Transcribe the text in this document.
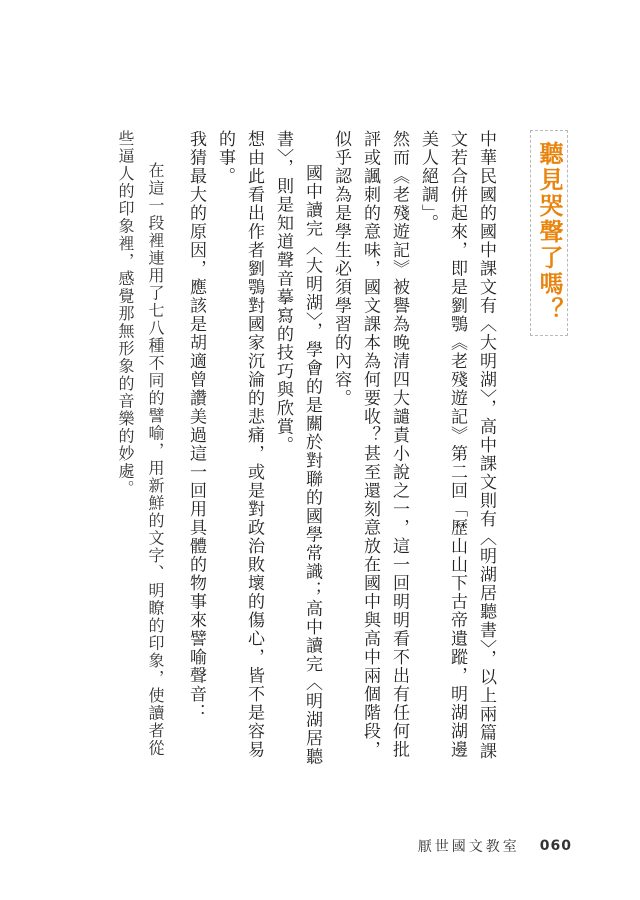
聽見哭聲了嗎？
中華民國的國中課文有〈大明湖〉，高中課文則有〈明湖居聽書〉，以上兩篇課文若合併起來，即是劉鶚《老殘遊記》第二回「歷山山下古帝遺蹤，明湖湖邊美人絕調」。
然而《老殘遊記》被譽為晚清四大譴責小說之一，這一回明明看不出有任何批評或諷刺的意味，國文課本為何要收？甚至還刻意放在國中與高中兩個階段，似乎認為是學生必須學習的內容。
國中讀完〈大明湖〉，學會的是關於對聯的國學常識；高中讀完〈明湖居聽書〉，則是知道聲音摹寫的技巧與欣賞。
想由此看出作者劉鶚對國家沉淪的悲痛，或是對政治敗壞的傷心，皆不是容易的事。
我猜最大的原因，應該是胡適曾讚美過這一回用具體的物事來譬喻聲音：
在這一段裡連用了七八種不同的譬喻，用新鮮的文字、明瞭的印象，使讀者從些逼人的印象裡，感覺那無形象的音樂的妙處。
厭世國文教室 060
